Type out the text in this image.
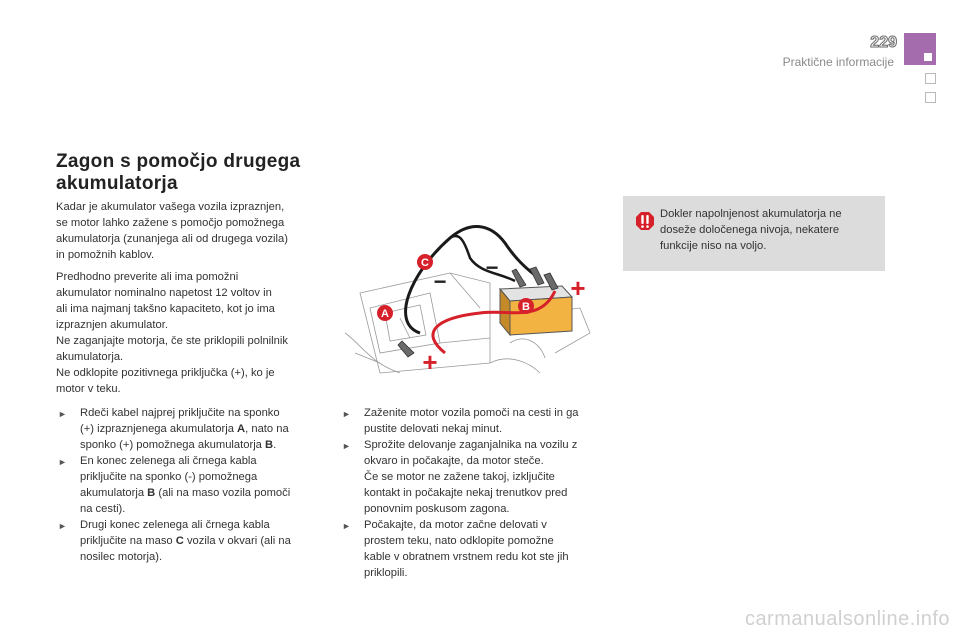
229
Praktične informacije
Zagon s pomočjo drugega
akumulatorja
Kadar je akumulator vašega vozila izpraznjen,
se motor lahko zažene s pomočjo pomožnega
akumulatorja (zunanjega ali od drugega vozila)
in pomožnih kablov.
Predhodno preverite ali ima pomožni
akumulator nominalno napetost 12 voltov in
ali ima najmanj takšno kapaciteto, kot jo ima
izpraznjen akumulator.
Ne zaganjajte motorja, če ste priklopili polnilnik
akumulatorja.
Ne odklopite pozitivnega priključka (+), ko je
motor v teku.
► Rdeči kabel najprej priključite na sponko
(+) izpraznjenega akumulatorja A, nato na
sponko (+) pomožnega akumulatorja B.
► En konec zelenega ali črnega kabla
priključite na sponko (-) pomožnega
akumulatorja B (ali na maso vozila pomoči
na cesti).
► Drugi konec zelenega ali črnega kabla
priključite na maso C vozila v okvari (ali na
nosilec motorja).
► Zaženite motor vozila pomoči na cesti in ga
pustite delovati nekaj minut.
► Sprožite delovanje zaganjalnika na vozilu z
okvaro in počakajte, da motor steče.
Če se motor ne zažene takoj, izključite
kontakt in počakajte nekaj trenutkov pred
ponovnim poskusom zagona.
► Počakajte, da motor začne delovati v
prostem teku, nato odklopite pomožne
kable v obratnem vrstnem redu kot ste jih
priklopili.
Dokler napolnjenost akumulatorja ne
doseže določenega nivoja, nekatere
funkcije niso na voljo.
C
B
A
+
+
−
−
carmanualsonline.info
